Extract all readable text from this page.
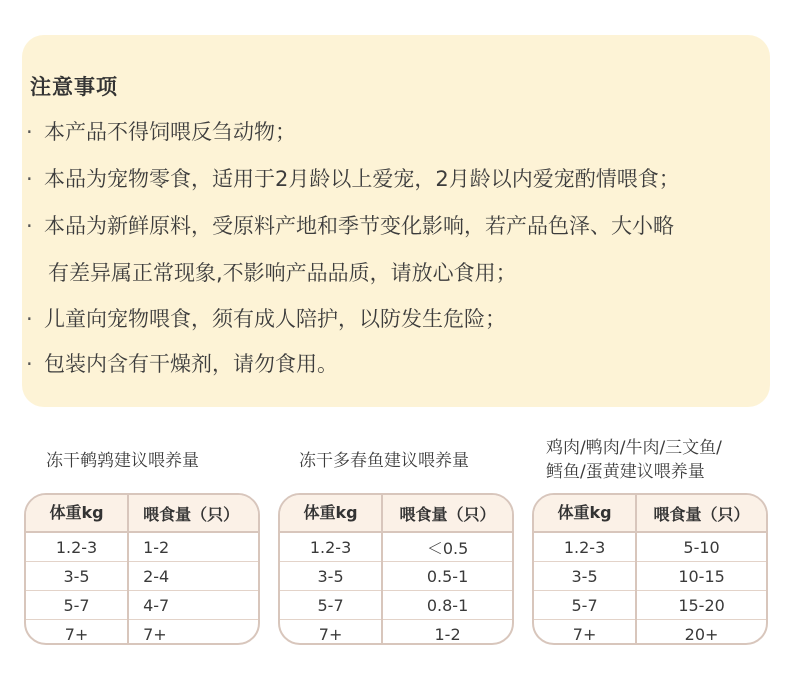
注意事项
· 本产品不得饲喂反刍动物；
· 本品为宠物零食，适用于2月龄以上爱宠，2月龄以内爱宠酌情喂食；
· 本品为新鲜原料，受原料产地和季节变化影响，若产品色泽、大小略
有差异属正常现象,不影响产品品质，请放心食用；
· 儿童向宠物喂食，须有成人陪护，以防发生危险；
· 包装内含有干燥剂，请勿食用。
冻干鹌鹑建议喂养量
体重kg	喂食量（只）
1.2-3	1-2
3-5	2-4
5-7	4-7
7+	7+
冻干多春鱼建议喂养量
体重kg	喂食量（只）
1.2-3	＜0.5
3-5	0.5-1
5-7	0.8-1
7+	1-2
鸡肉/鸭肉/牛肉/三文鱼/
鳕鱼/蛋黄建议喂养量
体重kg	喂食量（只）
1.2-3	5-10
3-5	10-15
5-7	15-20
7+	20+
